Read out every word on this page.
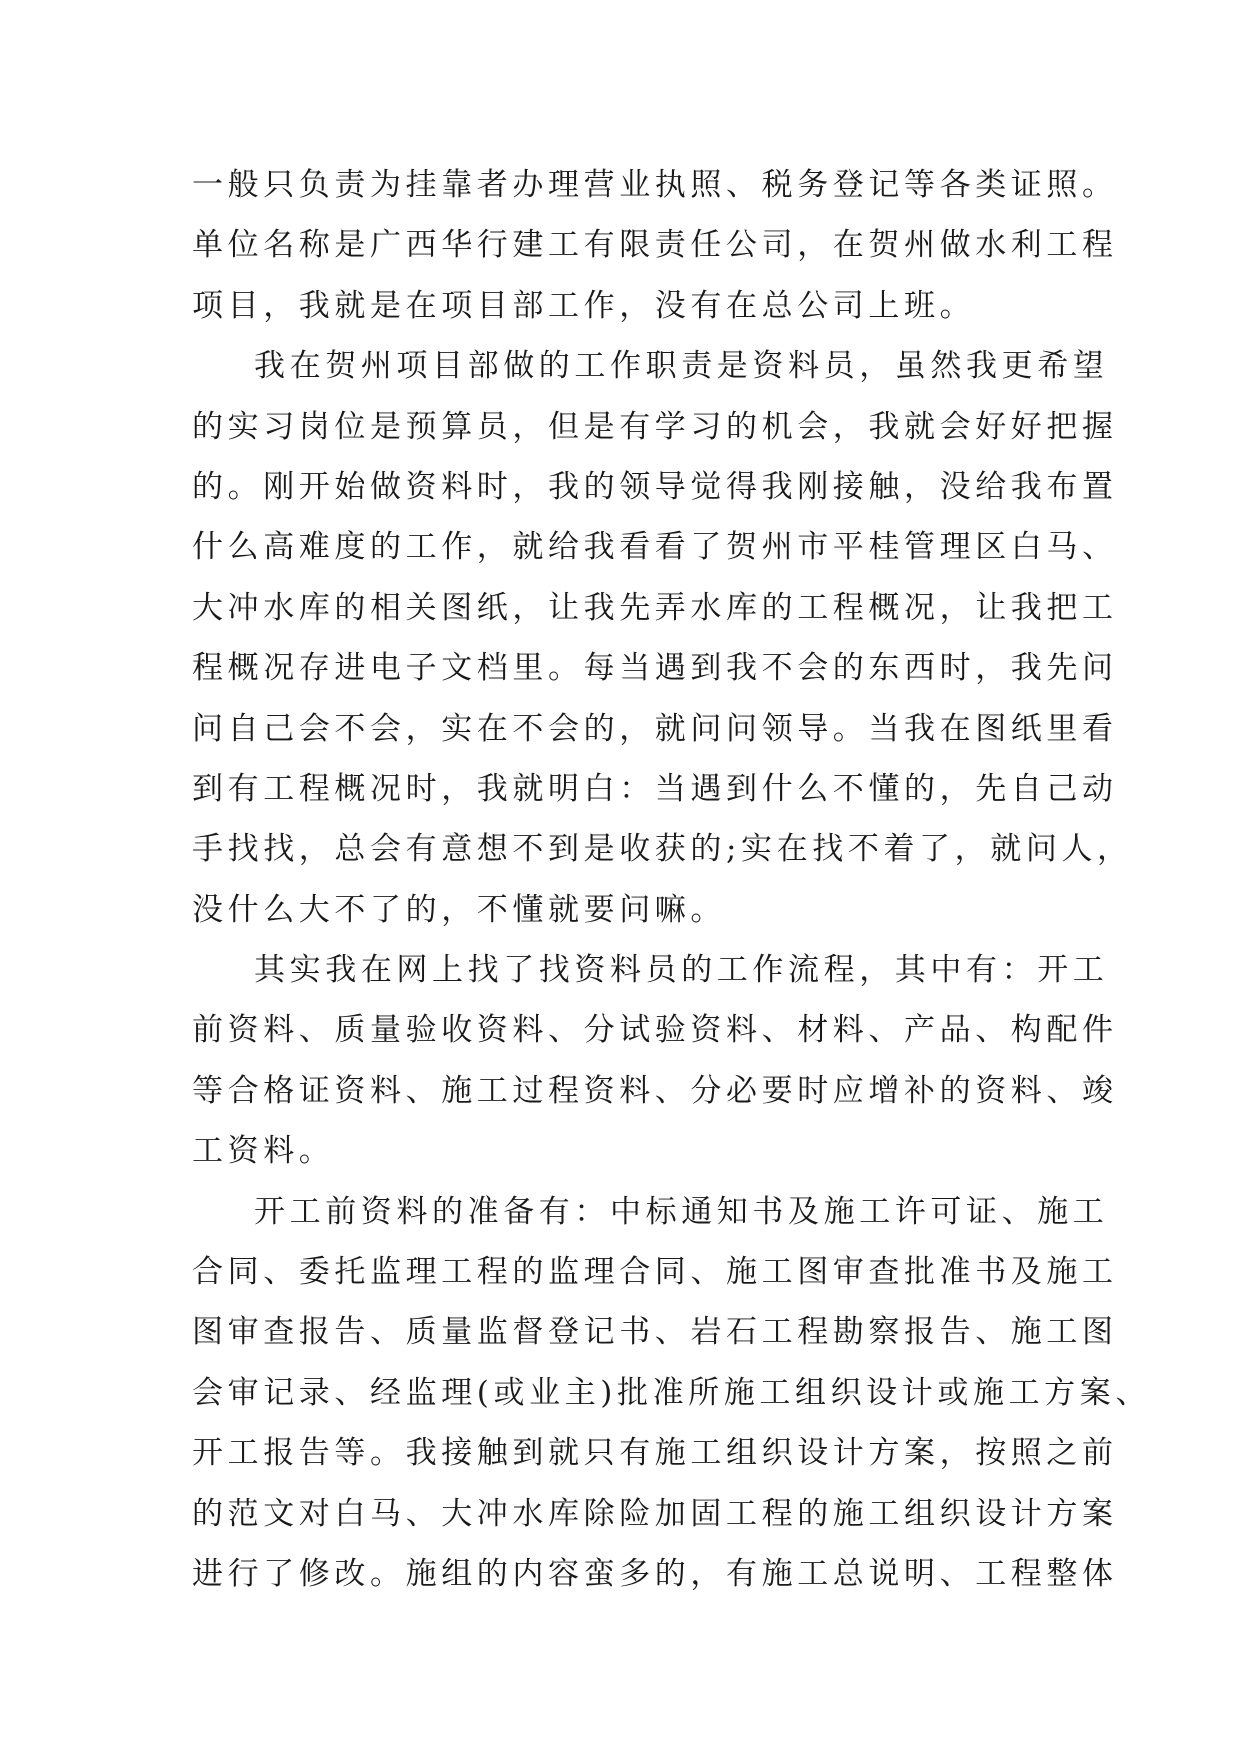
一般只负责为挂靠者办理营业执照、税务登记等各类证照。
单位名称是广西华行建工有限责任公司，在贺州做水利工程
项目，我就是在项目部工作，没有在总公司上班。
我在贺州项目部做的工作职责是资料员，虽然我更希望
的实习岗位是预算员，但是有学习的机会，我就会好好把握
的。刚开始做资料时，我的领导觉得我刚接触，没给我布置
什么高难度的工作，就给我看看了贺州市平桂管理区白马、
大冲水库的相关图纸，让我先弄水库的工程概况，让我把工
程概况存进电子文档里。每当遇到我不会的东西时，我先问
问自己会不会，实在不会的，就问问领导。当我在图纸里看
到有工程概况时，我就明白：当遇到什么不懂的，先自己动
手找找，总会有意想不到是收获的;实在找不着了，就问人，
没什么大不了的，不懂就要问嘛。
其实我在网上找了找资料员的工作流程，其中有：开工
前资料、质量验收资料、分试验资料、材料、产品、构配件
等合格证资料、施工过程资料、分必要时应增补的资料、竣
工资料。
开工前资料的准备有：中标通知书及施工许可证、施工
合同、委托监理工程的监理合同、施工图审查批准书及施工
图审查报告、质量监督登记书、岩石工程勘察报告、施工图
会审记录、经监理(或业主)批准所施工组织设计或施工方案、
开工报告等。我接触到就只有施工组织设计方案，按照之前
的范文对白马、大冲水库除险加固工程的施工组织设计方案
进行了修改。施组的内容蛮多的，有施工总说明、工程整体
